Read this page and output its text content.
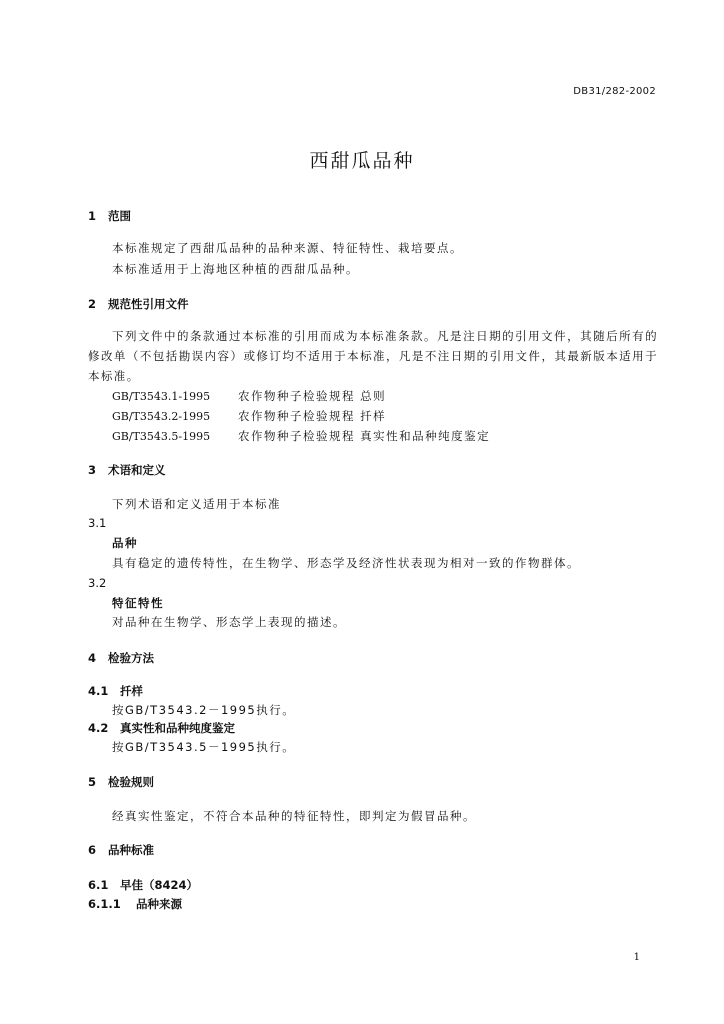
DB31/282-2002
西甜瓜品种
1 范围
本标准规定了西甜瓜品种的品种来源、特征特性、栽培要点。
本标准适用于上海地区种植的西甜瓜品种。
2 规范性引用文件
下列文件中的条款通过本标准的引用而成为本标准条款。凡是注日期的引用文件，其随后所有的修改单（不包括勘误内容）或修订均不适用于本标准，凡是不注日期的引用文件，其最新版本适用于本标准。
GB/T3543.1-1995 农作物种子检验规程 总则
GB/T3543.2-1995 农作物种子检验规程 扦样
GB/T3543.5-1995 农作物种子检验规程 真实性和品种纯度鉴定
3 术语和定义
下列术语和定义适用于本标准
3.1
品种
具有稳定的遗传特性，在生物学、形态学及经济性状表现为相对一致的作物群体。
3.2
特征特性
对品种在生物学、形态学上表现的描述。
4 检验方法
4.1 扦样
按GB/T3543.2－1995执行。
4.2 真实性和品种纯度鉴定
按GB/T3543.5－1995执行。
5 检验规则
经真实性鉴定，不符合本品种的特征特性，即判定为假冒品种。
6 品种标准
6.1 早佳（8424）
6.1.1 品种来源
1
